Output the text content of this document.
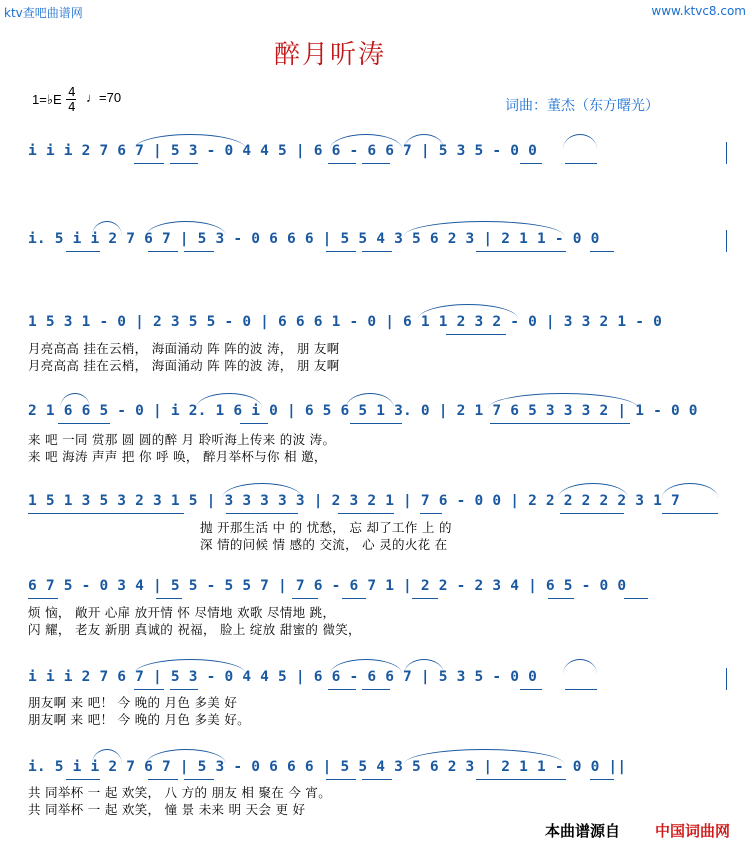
ktv查吧曲谱网	www.ktvc8.com
醉月听涛
1=♭E 4
4
♩=70
词曲：董杰（东方曙光）
i i i 2 7 6 7 | 5 3 - 0 4 4 5 | 6 6 - 6 6 7 | 5 3 5 - 0 0
i. 5 i i 2 7 6 7 | 5 3 - 0 6 6 6 | 5 5 4 3 5 6 2 3 | 2 1 1 - 0 0
1 5 3 1 - 0 | 2 3 5 5 - 0 | 6 6 6 1 - 0 | 6 1 1 2 3 2 - 0 | 3 3 2 1 - 0
月亮高高 挂在云梢， 海面涌动 阵 阵的波 涛， 朋 友啊
月亮高高 挂在云梢， 海面涌动 阵 阵的波 涛， 朋 友啊
2 1 6 6 5 - 0 | i 2. 1 6 i 0 | 6 5 6 5 1 3. 0 | 2 1 7 6 5 3 3 3 2 | 1 - 0 0
来 吧 一同 赏那 圆 圆的醉 月 聆听海上传来 的波 涛。
来 吧 海涛 声声 把 你 呼 唤， 醉月举杯与你 相 邀，
1 5 1 3 5 3 2 3 1 5 | 3 3 3 3 3 | 2 3 2 1 | 7 6 - 0 0 | 2 2 2 2 2 2 3 1 7
抛 开那生活 中 的 忧愁， 忘 却了工作 上 的
深 情的问候 情 感的 交流， 心 灵的火花 在
6 7 5 - 0 3 4 | 5 5 - 5 5 7 | 7 6 - 6 7 1 | 2 2 - 2 3 4 | 6 5 - 0 0
烦 恼， 敞开 心扉 放开情 怀 尽情地 欢歌 尽情地 跳，
闪 耀， 老友 新朋 真诚的 祝福， 脸上 绽放 甜蜜的 微笑，
i i i 2 7 6 7 | 5 3 - 0 4 4 5 | 6 6 - 6 6 7 | 5 3 5 - 0 0
朋友啊 来 吧！ 今 晚的 月色 多美 好
朋友啊 来 吧！ 今 晚的 月色 多美 好。
i. 5 i i 2 7 6 7 | 5 3 - 0 6 6 6 | 5 5 4 3 5 6 2 3 | 2 1 1 - 0 0 ||
共 同举杯 一 起 欢笑， 八 方的 朋友 相 聚在 今 宵。
共 同举杯 一 起 欢笑， 憧 景 未来 明 天会 更 好
本曲谱源自 中国词曲网
